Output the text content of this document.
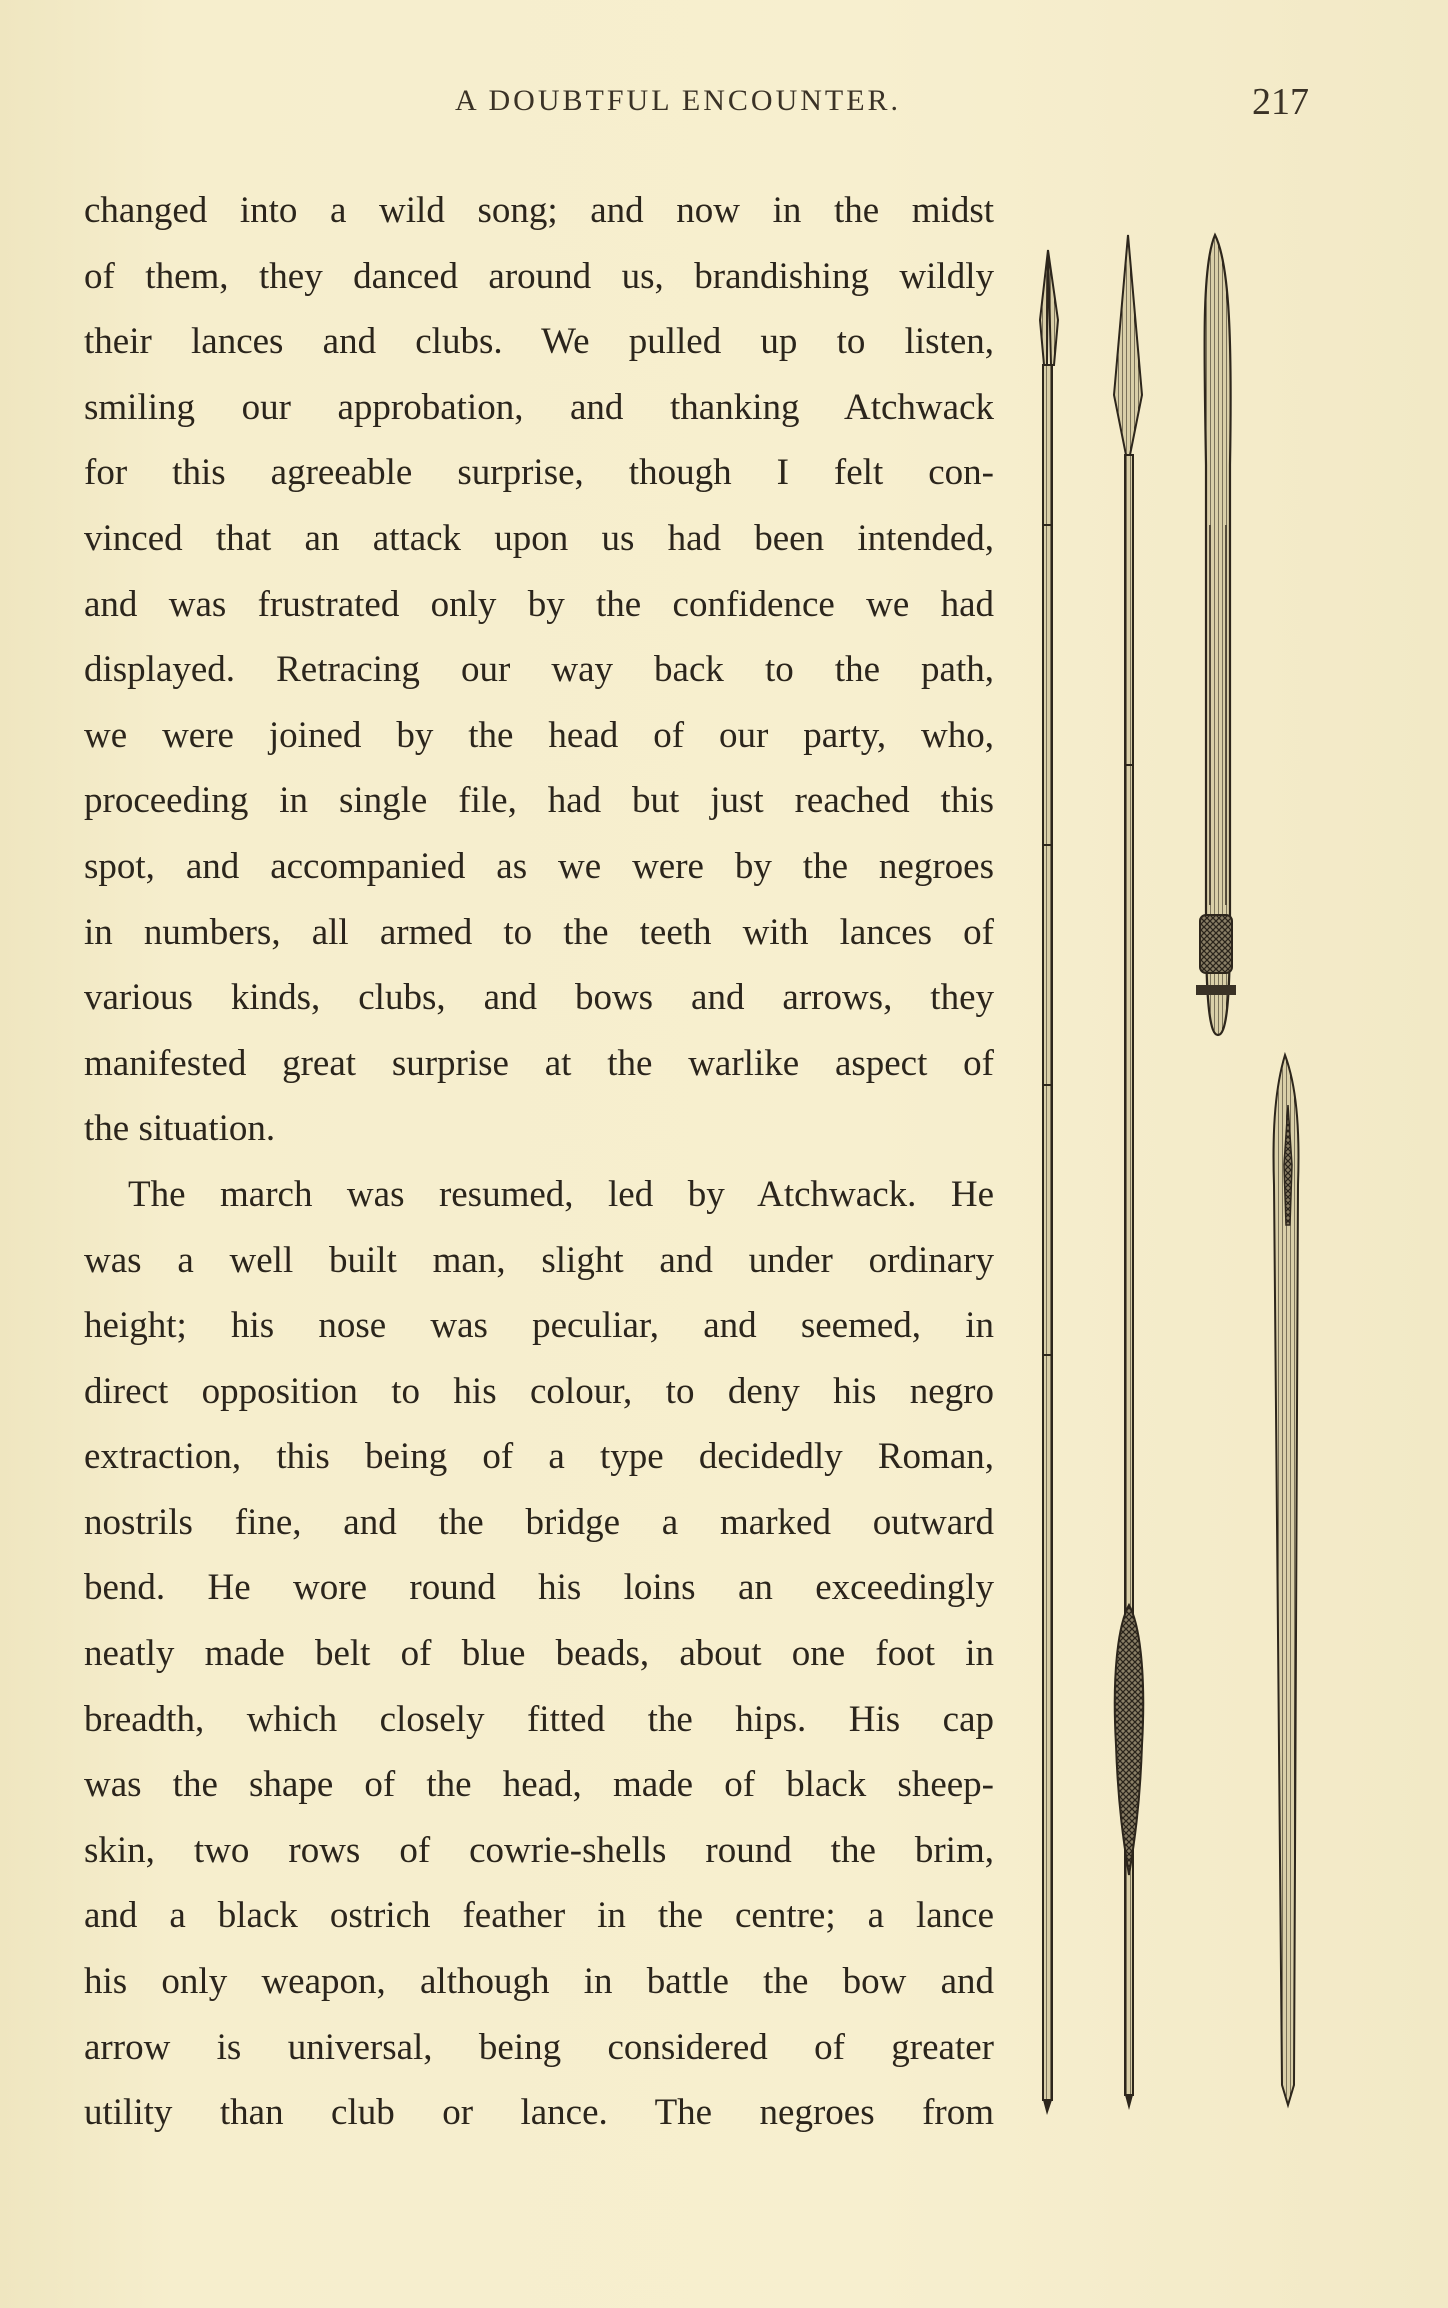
A DOUBTFUL ENCOUNTER.	217
changed into a wild song; and now in the midst
of them, they danced around us, brandishing wildly
their lances and clubs. We pulled up to listen,
smiling our approbation, and thanking Atchwack
for this agreeable surprise, though I felt con-
vinced that an attack upon us had been intended,
and was frustrated only by the confidence we had
displayed. Retracing our way back to the path,
we were joined by the head of our party, who,
proceeding in single file, had but just reached this
spot, and accompanied as we were by the negroes
in numbers, all armed to the teeth with lances of
various kinds, clubs, and bows and arrows, they
manifested great surprise at the warlike aspect of
the situation.
The march was resumed, led by Atchwack. He
was a well built man, slight and under ordinary
height; his nose was peculiar, and seemed, in
direct opposition to his colour, to deny his negro
extraction, this being of a type decidedly Roman,
nostrils fine, and the bridge a marked outward
bend. He wore round his loins an exceedingly
neatly made belt of blue beads, about one foot in
breadth, which closely fitted the hips. His cap
was the shape of the head, made of black sheep-
skin, two rows of cowrie-shells round the brim,
and a black ostrich feather in the centre; a lance
his only weapon, although in battle the bow and
arrow is universal, being considered of greater
utility than club or lance. The negroes from
